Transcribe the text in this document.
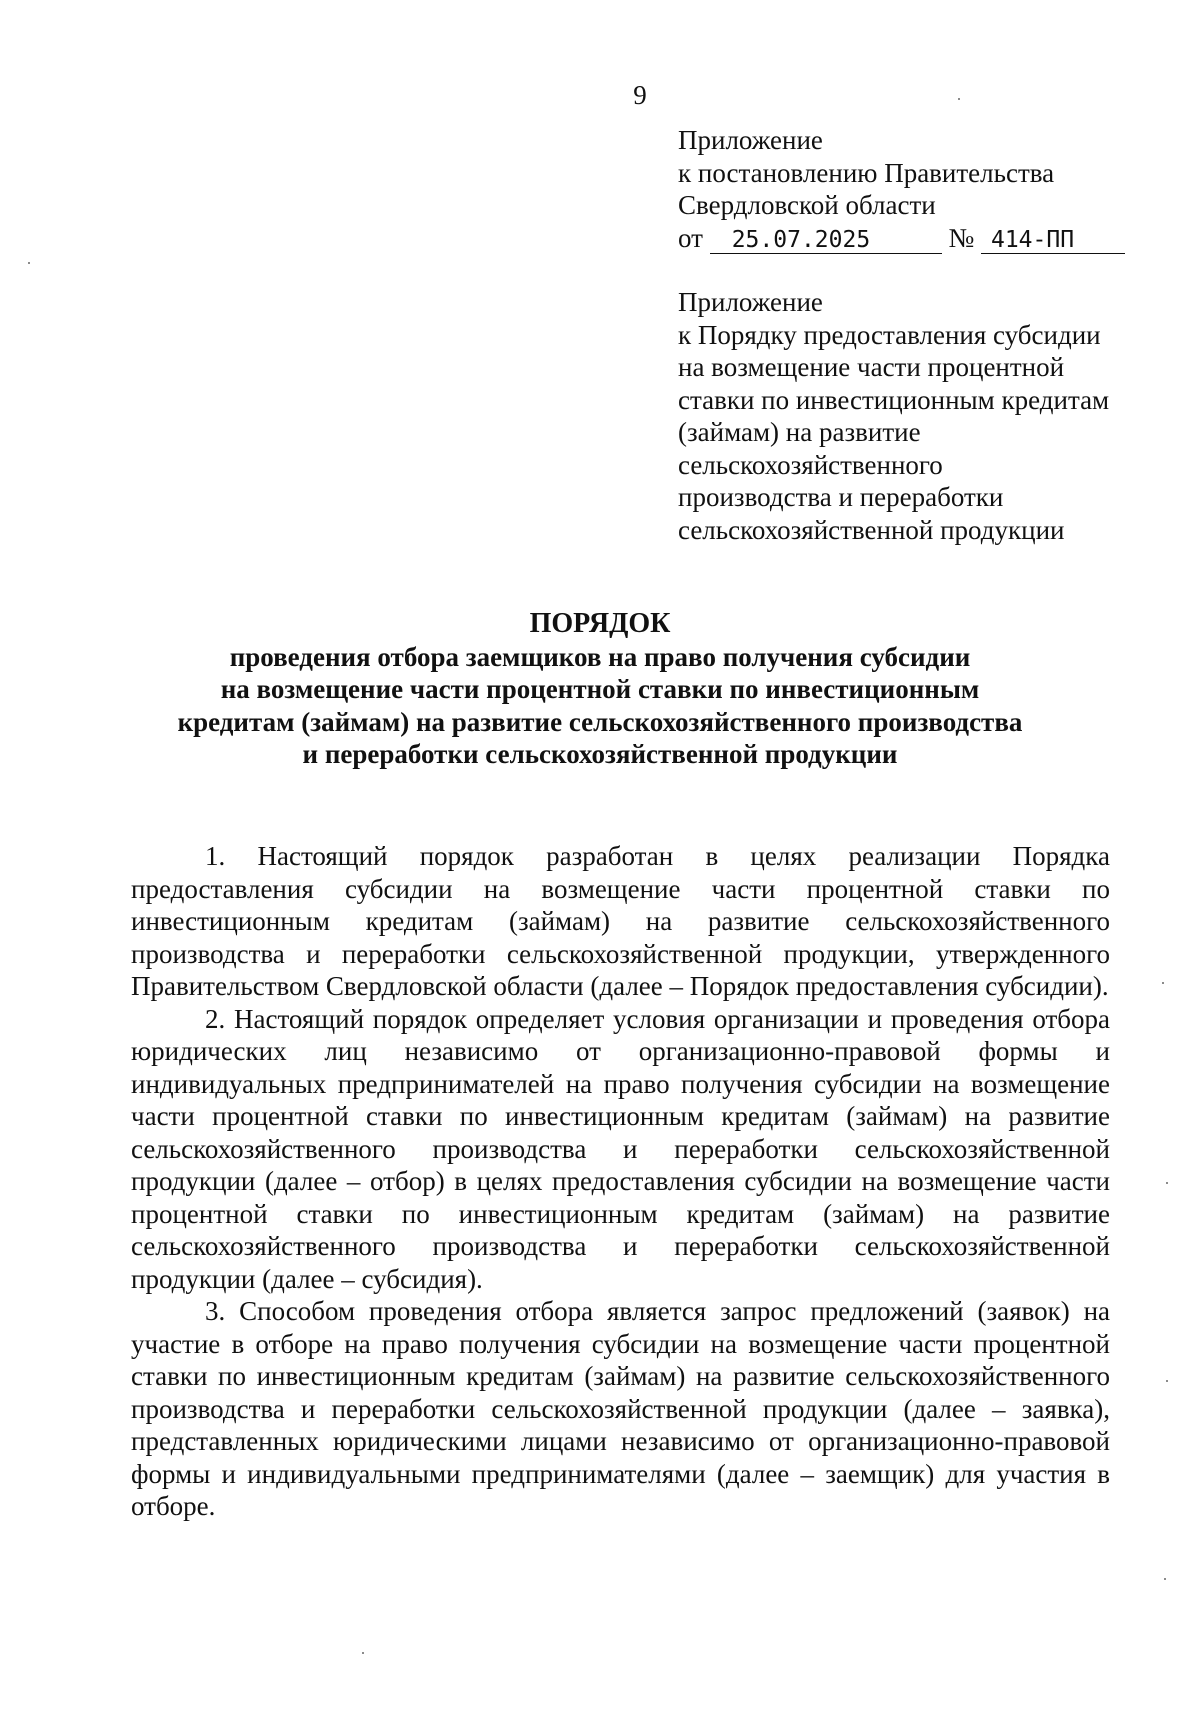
9
Приложение
к постановлению Правительства
Свердловской области
от 25.07.2025	№ 414-ПП
Приложение
к Порядку предоставления субсидии
на возмещение части процентной
ставки по инвестиционным кредитам
(займам) на развитие
сельскохозяйственного
производства и переработки
сельскохозяйственной продукции
ПОРЯДОК
проведения отбора заемщиков на право получения субсидии
на возмещение части процентной ставки по инвестиционным
кредитам (займам) на развитие сельскохозяйственного производства
и переработки сельскохозяйственной продукции

1. Настоящий порядок разработан в целях реализации Порядка предоставления субсидии на возмещение части процентной ставки по инвестиционным кредитам (займам) на развитие сельскохозяйственного производства и переработки сельскохозяйственной продукции, утвержденного Правительством Свердловской области (далее – Порядок предоставления субсидии).

2. Настоящий порядок определяет условия организации и проведения отбора юридических лиц независимо от организационно-правовой формы и индивидуальных предпринимателей на право получения субсидии на возмещение части процентной ставки по инвестиционным кредитам (займам) на развитие сельскохозяйственного производства и переработки сельскохозяйственной продукции (далее – отбор) в целях предоставления субсидии на возмещение части процентной ставки по инвестиционным кредитам (займам) на развитие сельскохозяйственного производства и переработки сельскохозяйственной продукции (далее – субсидия).

3. Способом проведения отбора является запрос предложений (заявок) на участие в отборе на право получения субсидии на возмещение части процентной ставки по инвестиционным кредитам (займам) на развитие сельскохозяйственного производства и переработки сельскохозяйственной продукции (далее – заявка), представленных юридическими лицами независимо от организационно-правовой формы и индивидуальными предпринимателями (далее – заемщик) для участия в отборе.
